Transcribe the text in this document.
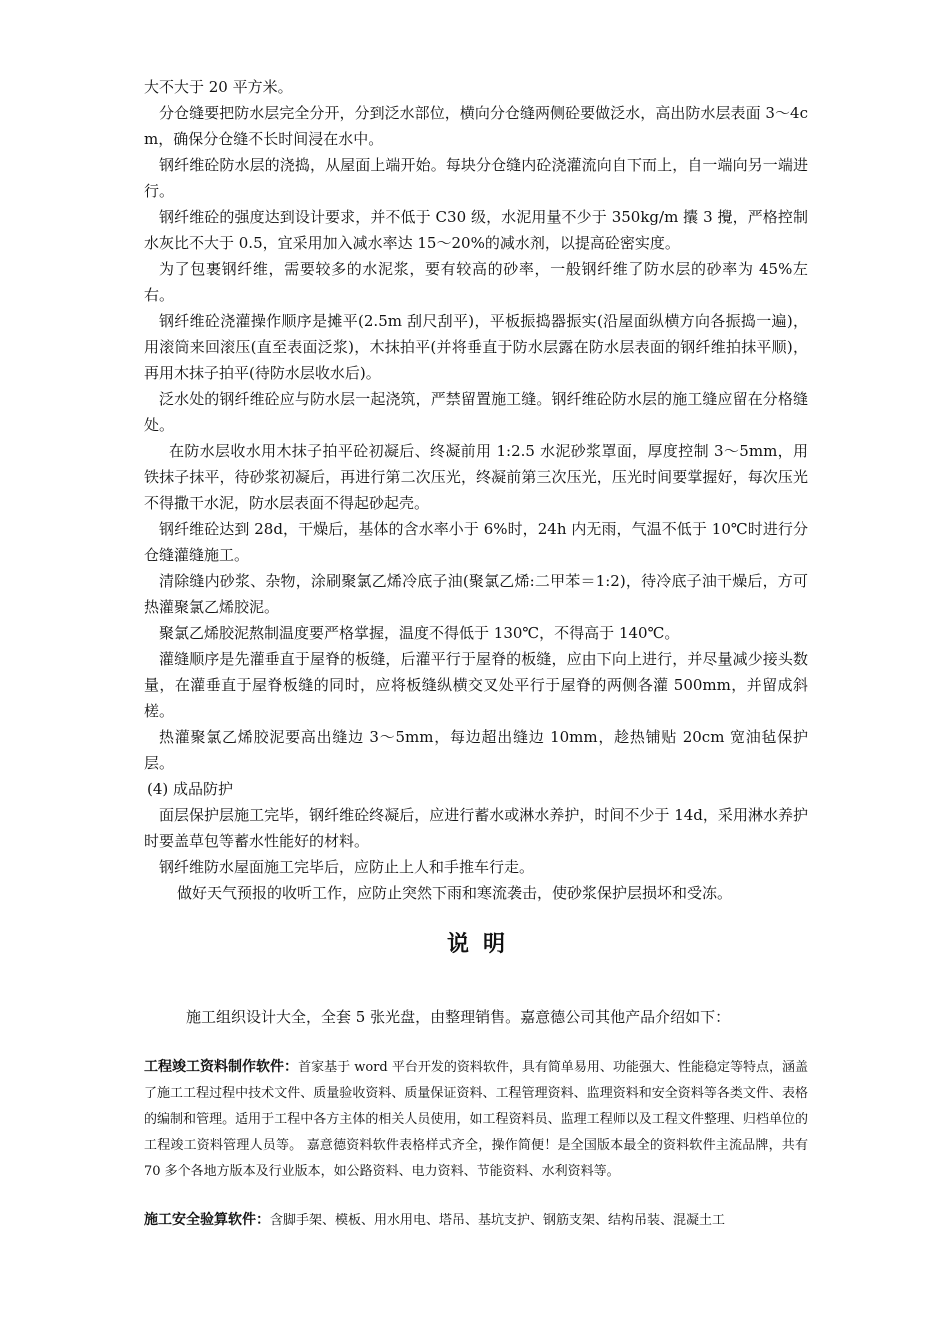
大不大于 20 平方米。

分仓缝要把防水层完全分开，分到泛水部位，横向分仓缝两侧砼要做泛水，高出防水层表面 3～4cm，确保分仓缝不长时间浸在水中。

钢纤维砼防水层的浇捣，从屋面上端开始。每块分仓缝内砼浇灌流向自下而上，自一端向另一端进行。

钢纤维砼的强度达到设计要求，并不低于 C30 级，水泥用量不少于 350kg/m 攮 3 攪，严格控制水灰比不大于 0.5，宜采用加入减水率达 15～20%的减水剂，以提高砼密实度。

为了包裹钢纤维，需要较多的水泥浆，要有较高的砂率，一般钢纤维了防水层的砂率为 45%左右。

钢纤维砼浇灌操作顺序是摊平(2.5m 刮尺刮平)，平板振捣器振实(沿屋面纵横方向各振捣一遍)，用滚筒来回滚压(直至表面泛浆)，木抹拍平(并将垂直于防水层露在防水层表面的钢纤维拍抹平顺)，再用木抹子拍平(待防水层收水后)。

泛水处的钢纤维砼应与防水层一起浇筑，严禁留置施工缝。钢纤维砼防水层的施工缝应留在分格缝处。

在防水层收水用木抹子拍平砼初凝后、终凝前用 1:2.5 水泥砂浆罩面，厚度控制 3～5mm，用铁抹子抹平，待砂浆初凝后，再进行第二次压光，终凝前第三次压光，压光时间要掌握好，每次压光不得撒干水泥，防水层表面不得起砂起壳。

钢纤维砼达到 28d，干燥后，基体的含水率小于 6%时，24h 内无雨，气温不低于 10℃时进行分仓缝灌缝施工。

清除缝内砂浆、杂物，涂刷聚氯乙烯冷底子油(聚氯乙烯:二甲苯＝1:2)，待冷底子油干燥后，方可热灌聚氯乙烯胶泥。

聚氯乙烯胶泥熬制温度要严格掌握，温度不得低于 130℃，不得高于 140℃。

灌缝顺序是先灌垂直于屋脊的板缝，后灌平行于屋脊的板缝，应由下向上进行，并尽量减少接头数量，在灌垂直于屋脊板缝的同时，应将板缝纵横交叉处平行于屋脊的两侧各灌 500mm，并留成斜槎。

热灌聚氯乙烯胶泥要高出缝边 3～5mm，每边超出缝边 10mm，趁热铺贴 20cm 宽油毡保护层。

(4) 成品防护

面层保护层施工完毕，钢纤维砼终凝后，应进行蓄水或淋水养护，时间不少于 14d，采用淋水养护时要盖草包等蓄水性能好的材料。

钢纤维防水屋面施工完毕后，应防止上人和手推车行走。

做好天气预报的收听工作，应防止突然下雨和寒流袭击，使砂浆保护层损坏和受冻。

说明

施工组织设计大全，全套 5 张光盘，由整理销售。嘉意德公司其他产品介绍如下：

工程竣工资料制作软件：首家基于 word 平台开发的资料软件，具有简单易用、功能强大、性能稳定等特点，涵盖了施工工程过程中技术文件、质量验收资料、质量保证资料、工程管理资料、监理资料和安全资料等各类文件、表格的编制和管理。适用于工程中各方主体的相关人员使用，如工程资料员、监理工程师以及工程文件整理、归档单位的工程竣工资料管理人员等。 嘉意德资料软件表格样式齐全，操作简便！是全国版本最全的资料软件主流品牌，共有 70 多个各地方版本及行业版本，如公路资料、电力资料、节能资料、水利资料等。

施工安全验算软件：含脚手架、模板、用水用电、塔吊、基坑支护、钢筋支架、结构吊装、混凝土工
